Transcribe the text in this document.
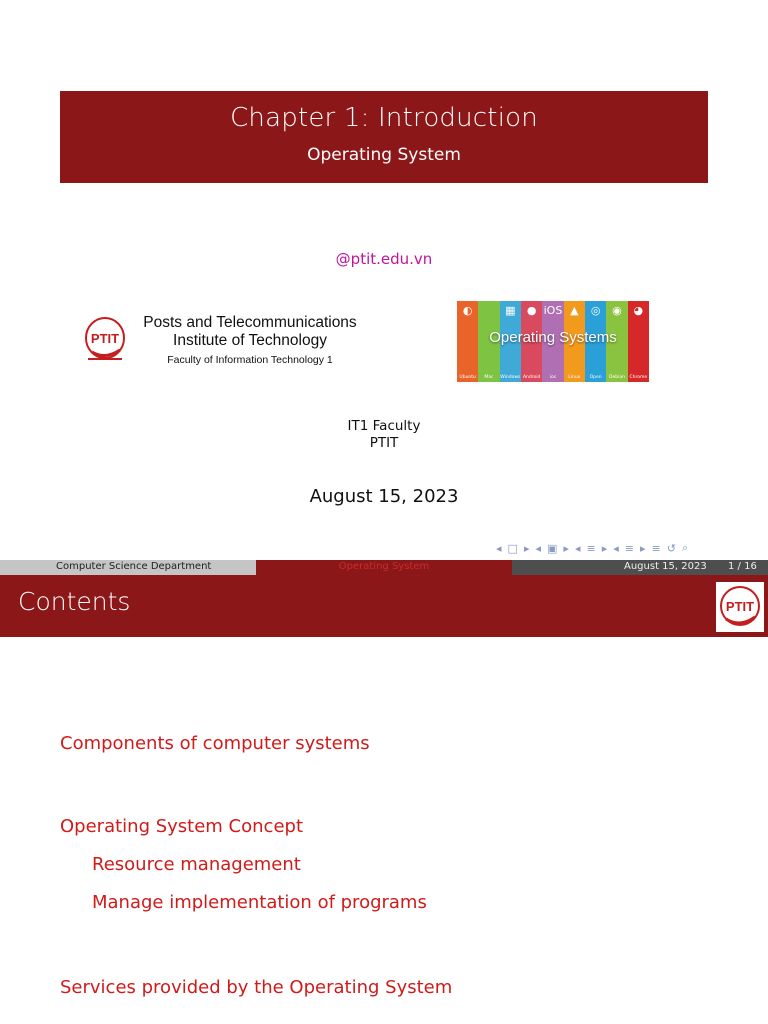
Chapter 1: Introduction
Operating System
@ptit.edu.vn
PTIT
Posts and Telecommunications
Institute of Technology
Faculty of Information Technology 1
◐
Ubuntu	Mac
▦
Windows
●
Android
iOS
ios
▲
Linux
◎
Open
◉
Debian
◕
Chrome
Operating Systems
IT1 Faculty
PTIT
August 15, 2023
◂ □ ▸ ◂ ▣ ▸ ◂ ≡ ▸ ◂ ≡ ▸ ≡ ↺ ⌕
Computer Science Department	Operating System	August 15, 2023 1 / 16
Contents	PTIT
Components of computer systems
Operating System Concept
Resource management
Manage implementation of programs
Services provided by the Operating System
